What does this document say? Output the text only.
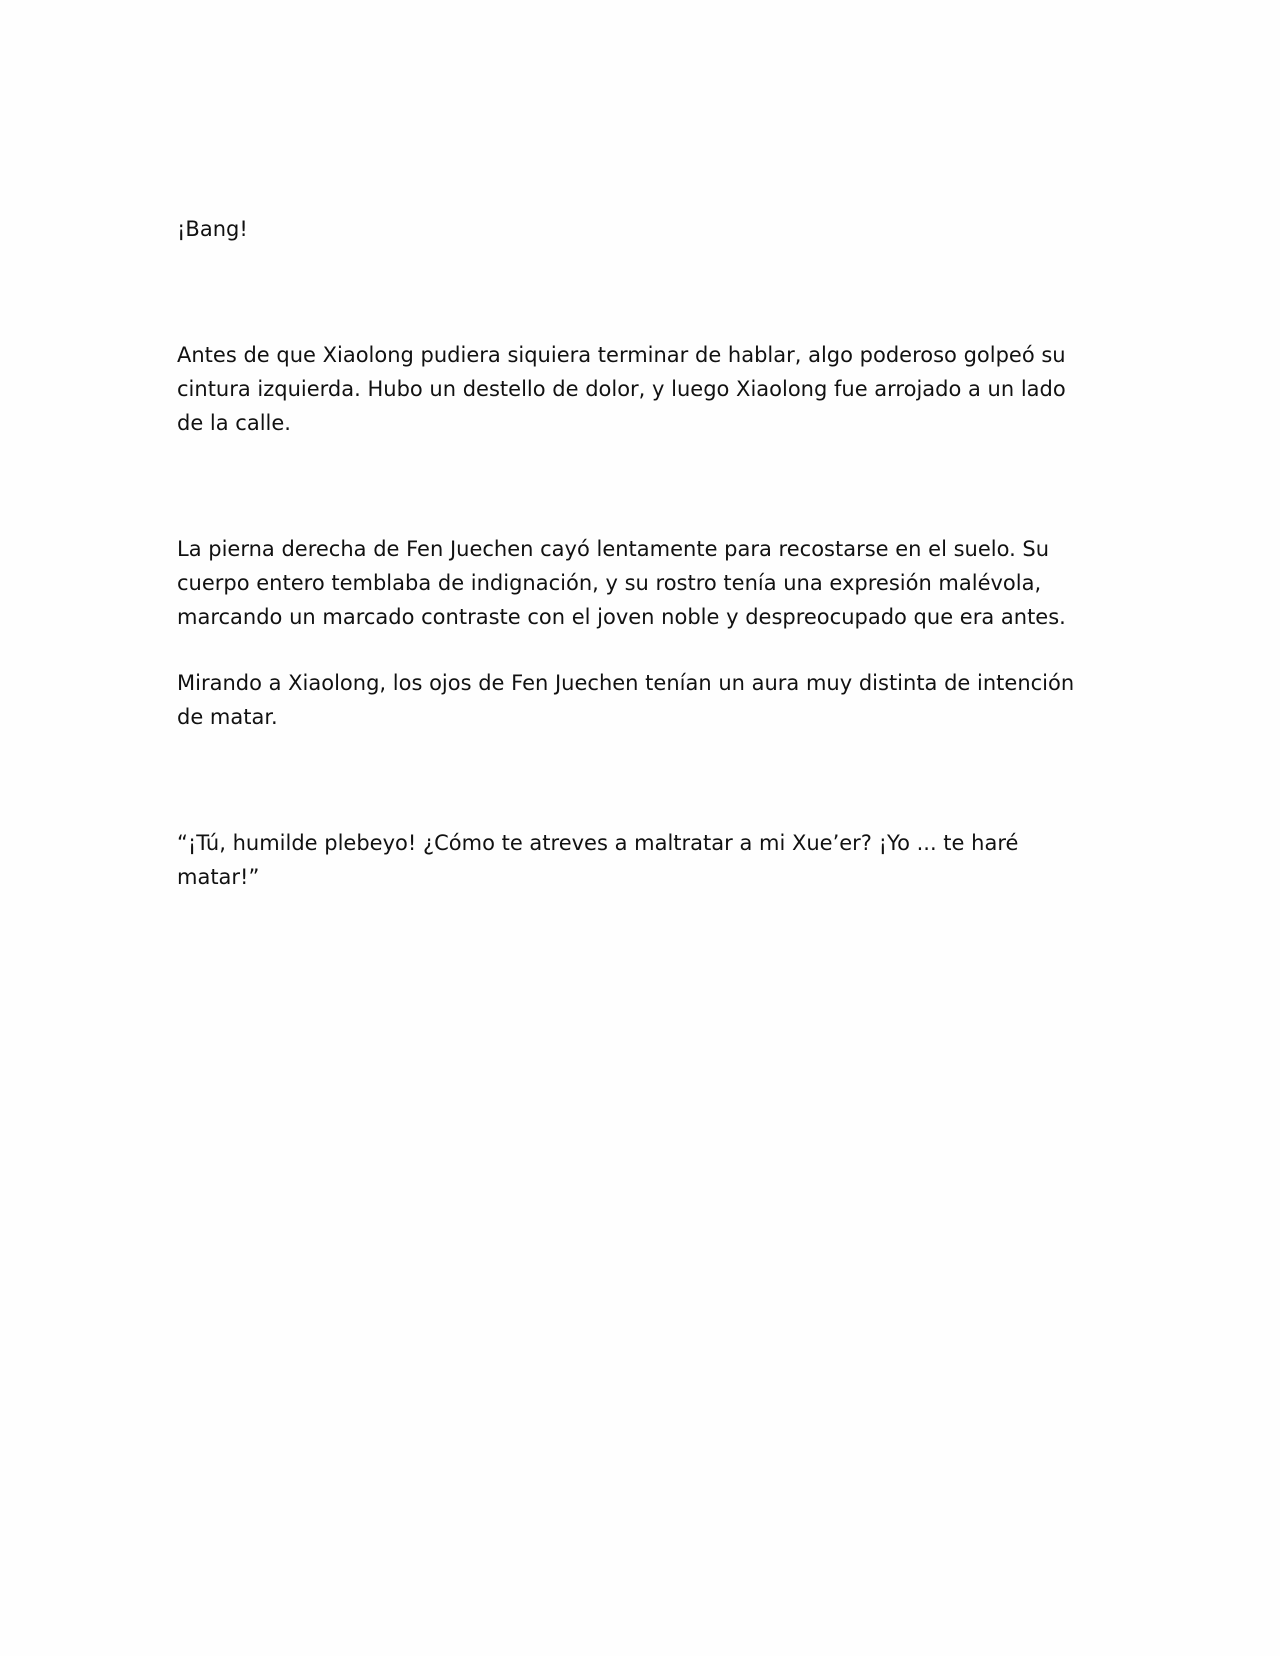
¡Bang!

Antes de que Xiaolong pudiera siquiera terminar de hablar, algo poderoso golpeó su cintura izquierda. Hubo un destello de dolor, y luego Xiaolong fue arrojado a un lado de la calle.

La pierna derecha de Fen Juechen cayó lentamente para recostarse en el suelo. Su cuerpo entero temblaba de indignación, y su rostro tenía una expresión malévola, marcando un marcado contraste con el joven noble y despreocupado que era antes.

Mirando a Xiaolong, los ojos de Fen Juechen tenían un aura muy distinta de intención de matar.

“¡Tú, humilde plebeyo! ¿Cómo te atreves a maltratar a mi Xue’er? ¡Yo ... te haré matar!”
